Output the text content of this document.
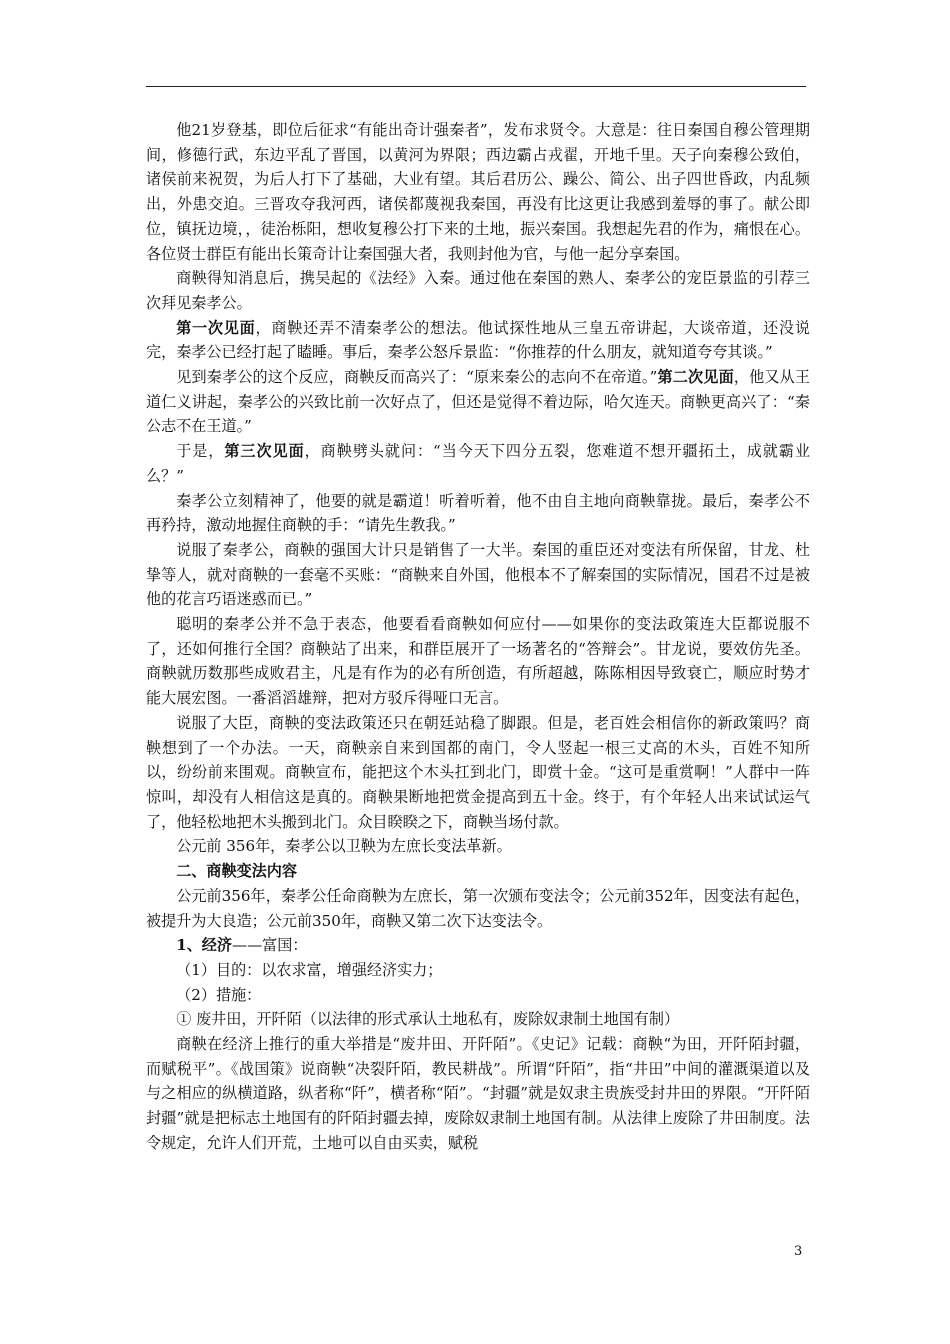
他21岁登基，即位后征求“有能出奇计强秦者”，发布求贤令。大意是：往日秦国自穆公管理期间，修德行武，东边平乱了晋国，以黄河为界限；西边霸占戎翟，开地千里。天子向秦穆公致伯，诸侯前来祝贺，为后人打下了基础，大业有望。其后君历公、躁公、简公、出子四世昏政，内乱频出，外患交迫。三晋攻夺我河西，诸侯都蔑视我秦国，再没有比这更让我感到羞辱的事了。献公即位，镇抚边境，，徒治栎阳，想收复穆公打下来的土地，振兴秦国。我想起先君的作为，痛恨在心。各位贤士群臣有能出长策奇计让秦国强大者，我则封他为官，与他一起分享秦国。

商鞅得知消息后，携吴起的《法经》入秦。通过他在秦国的熟人、秦孝公的宠臣景监的引荐三次拜见秦孝公。

第一次见面，商鞅还弄不清秦孝公的想法。他试探性地从三皇五帝讲起，大谈帝道，还没说完，秦孝公已经打起了瞌睡。事后，秦孝公怒斥景监：“你推荐的什么朋友，就知道夸夸其谈。”

见到秦孝公的这个反应，商鞅反而高兴了：“原来秦公的志向不在帝道。”第二次见面，他又从王道仁义讲起，秦孝公的兴致比前一次好点了，但还是觉得不着边际，哈欠连天。商鞅更高兴了：“秦公志不在王道。”

于是，第三次见面，商鞅劈头就问：“当今天下四分五裂，您难道不想开疆拓土，成就霸业么？”

秦孝公立刻精神了，他要的就是霸道！听着听着，他不由自主地向商鞅靠拢。最后，秦孝公不再矜持，激动地握住商鞅的手：“请先生教我。”

说服了秦孝公，商鞅的强国大计只是销售了一大半。秦国的重臣还对变法有所保留，甘龙、杜挚等人，就对商鞅的一套毫不买账：“商鞅来自外国，他根本不了解秦国的实际情况，国君不过是被他的花言巧语迷惑而已。”

聪明的秦孝公并不急于表态，他要看看商鞅如何应付——如果你的变法政策连大臣都说服不了，还如何推行全国？商鞅站了出来，和群臣展开了一场著名的“答辩会”。甘龙说，要效仿先圣。商鞅就历数那些成败君主，凡是有作为的必有所创造，有所超越，陈陈相因导致衰亡，顺应时势才能大展宏图。一番滔滔雄辩，把对方驳斥得哑口无言。

说服了大臣，商鞅的变法政策还只在朝廷站稳了脚跟。但是，老百姓会相信你的新政策吗？商鞅想到了一个办法。一天，商鞅亲自来到国都的南门，令人竖起一根三丈高的木头，百姓不知所以，纷纷前来围观。商鞅宣布，能把这个木头扛到北门，即赏十金。“这可是重赏啊！”人群中一阵惊叫，却没有人相信这是真的。商鞅果断地把赏金提高到五十金。终于，有个年轻人出来试试运气了，他轻松地把木头搬到北门。众目睽睽之下，商鞅当场付款。

公元前 356年，秦孝公以卫鞅为左庶长变法革新。

二、商鞅变法内容

公元前356年，秦孝公任命商鞅为左庶长，第一次颁布变法令；公元前352年，因变法有起色，被提升为大良造；公元前350年，商鞅又第二次下达变法令。

1、经济——富国：

（1）目的：以农求富，增强经济实力；

（2）措施：

① 废井田，开阡陌（以法律的形式承认土地私有，废除奴隶制土地国有制）

商鞅在经济上推行的重大举措是“废井田、开阡陌”。《史记》记载：商鞅“为田，开阡陌封疆，而赋税平”。《战国策》说商鞅“决裂阡陌，教民耕战”。所谓“阡陌”，指“井田”中间的灌溉渠道以及与之相应的纵横道路，纵者称“阡”，横者称“陌”。“封疆”就是奴隶主贵族受封井田的界限。“开阡陌封疆”就是把标志土地国有的阡陌封疆去掉，废除奴隶制土地国有制。从法律上废除了井田制度。法令规定，允许人们开荒，土地可以自由买卖，赋税

3
